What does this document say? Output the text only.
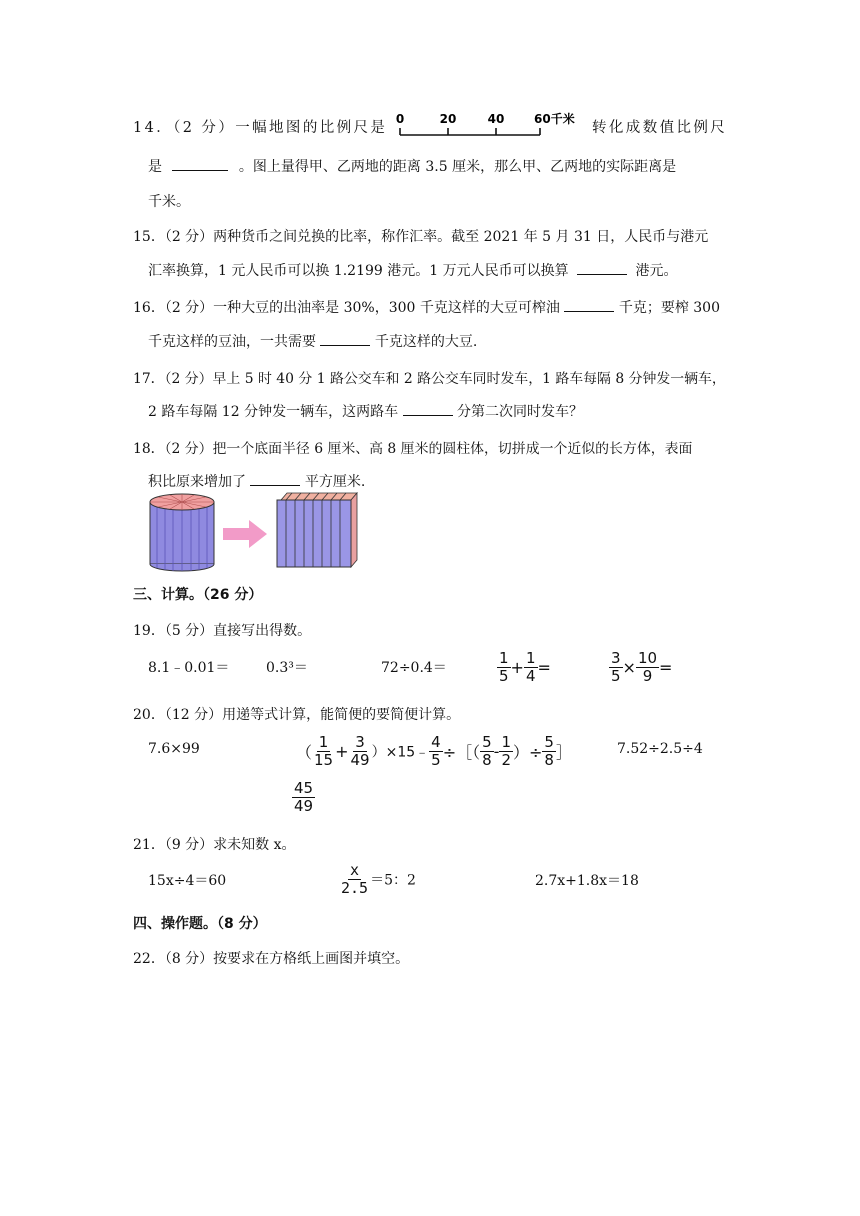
14．（2 分）一幅地图的比例尺是
0	20	40 60千米
转化成数值比例尺
是	。图上量得甲、乙两地的距离 3.5 厘米，那么甲、乙两地的实际距离是
千米。
15．（2 分）两种货币之间兑换的比率，称作汇率。截至 2021 年 5 月 31 日，人民币与港元
汇率换算，1 元人民币可以换 1.2199 港元。1 万元人民币可以换算	港元。
16．（2 分）一种大豆的出油率是 30%，300 千克这样的大豆可榨油	千克；要榨 300
千克这样的豆油，一共需要	千克这样的大豆.
17．（2 分）早上 5 时 40 分 1 路公交车和 2 路公交车同时发车，1 路车每隔 8 分钟发一辆车，
2 路车每隔 12 分钟发一辆车，这两路车	分第二次同时发车？
18．（2 分）把一个底面半径 6 厘米、高 8 厘米的圆柱体，切拼成一个近似的长方体，表面
积比原来增加了	平方厘米.
三、计算。（26 分）
19．（5 分）直接写出得数。
8.1﹣0.01＝	0.3³＝	72÷0.4＝	$\frac{1}{5} + \frac{1}{4}$ =	$\frac{3}{5} \times \frac{10}{9}$ =
20．（12 分）用递等式计算，能简便的要简便计算。
7.6×99	（ $\frac{1}{15} + \frac{3}{49}$ ）×15﹣ $\frac{4}{5}$ ÷［（ $\frac{5}{8} - \frac{1}{2}$ ）÷ $\frac{5}{8}$ ］	7.52÷2.5÷4
$\frac{45}{49}$
21．（9 分）求未知数 x。
15x÷4＝60	$\frac{x}{2.5} =5$：2	2.7x+1.8x＝18
四、操作题。（8 分）
22．（8 分）按要求在方格纸上画图并填空。
